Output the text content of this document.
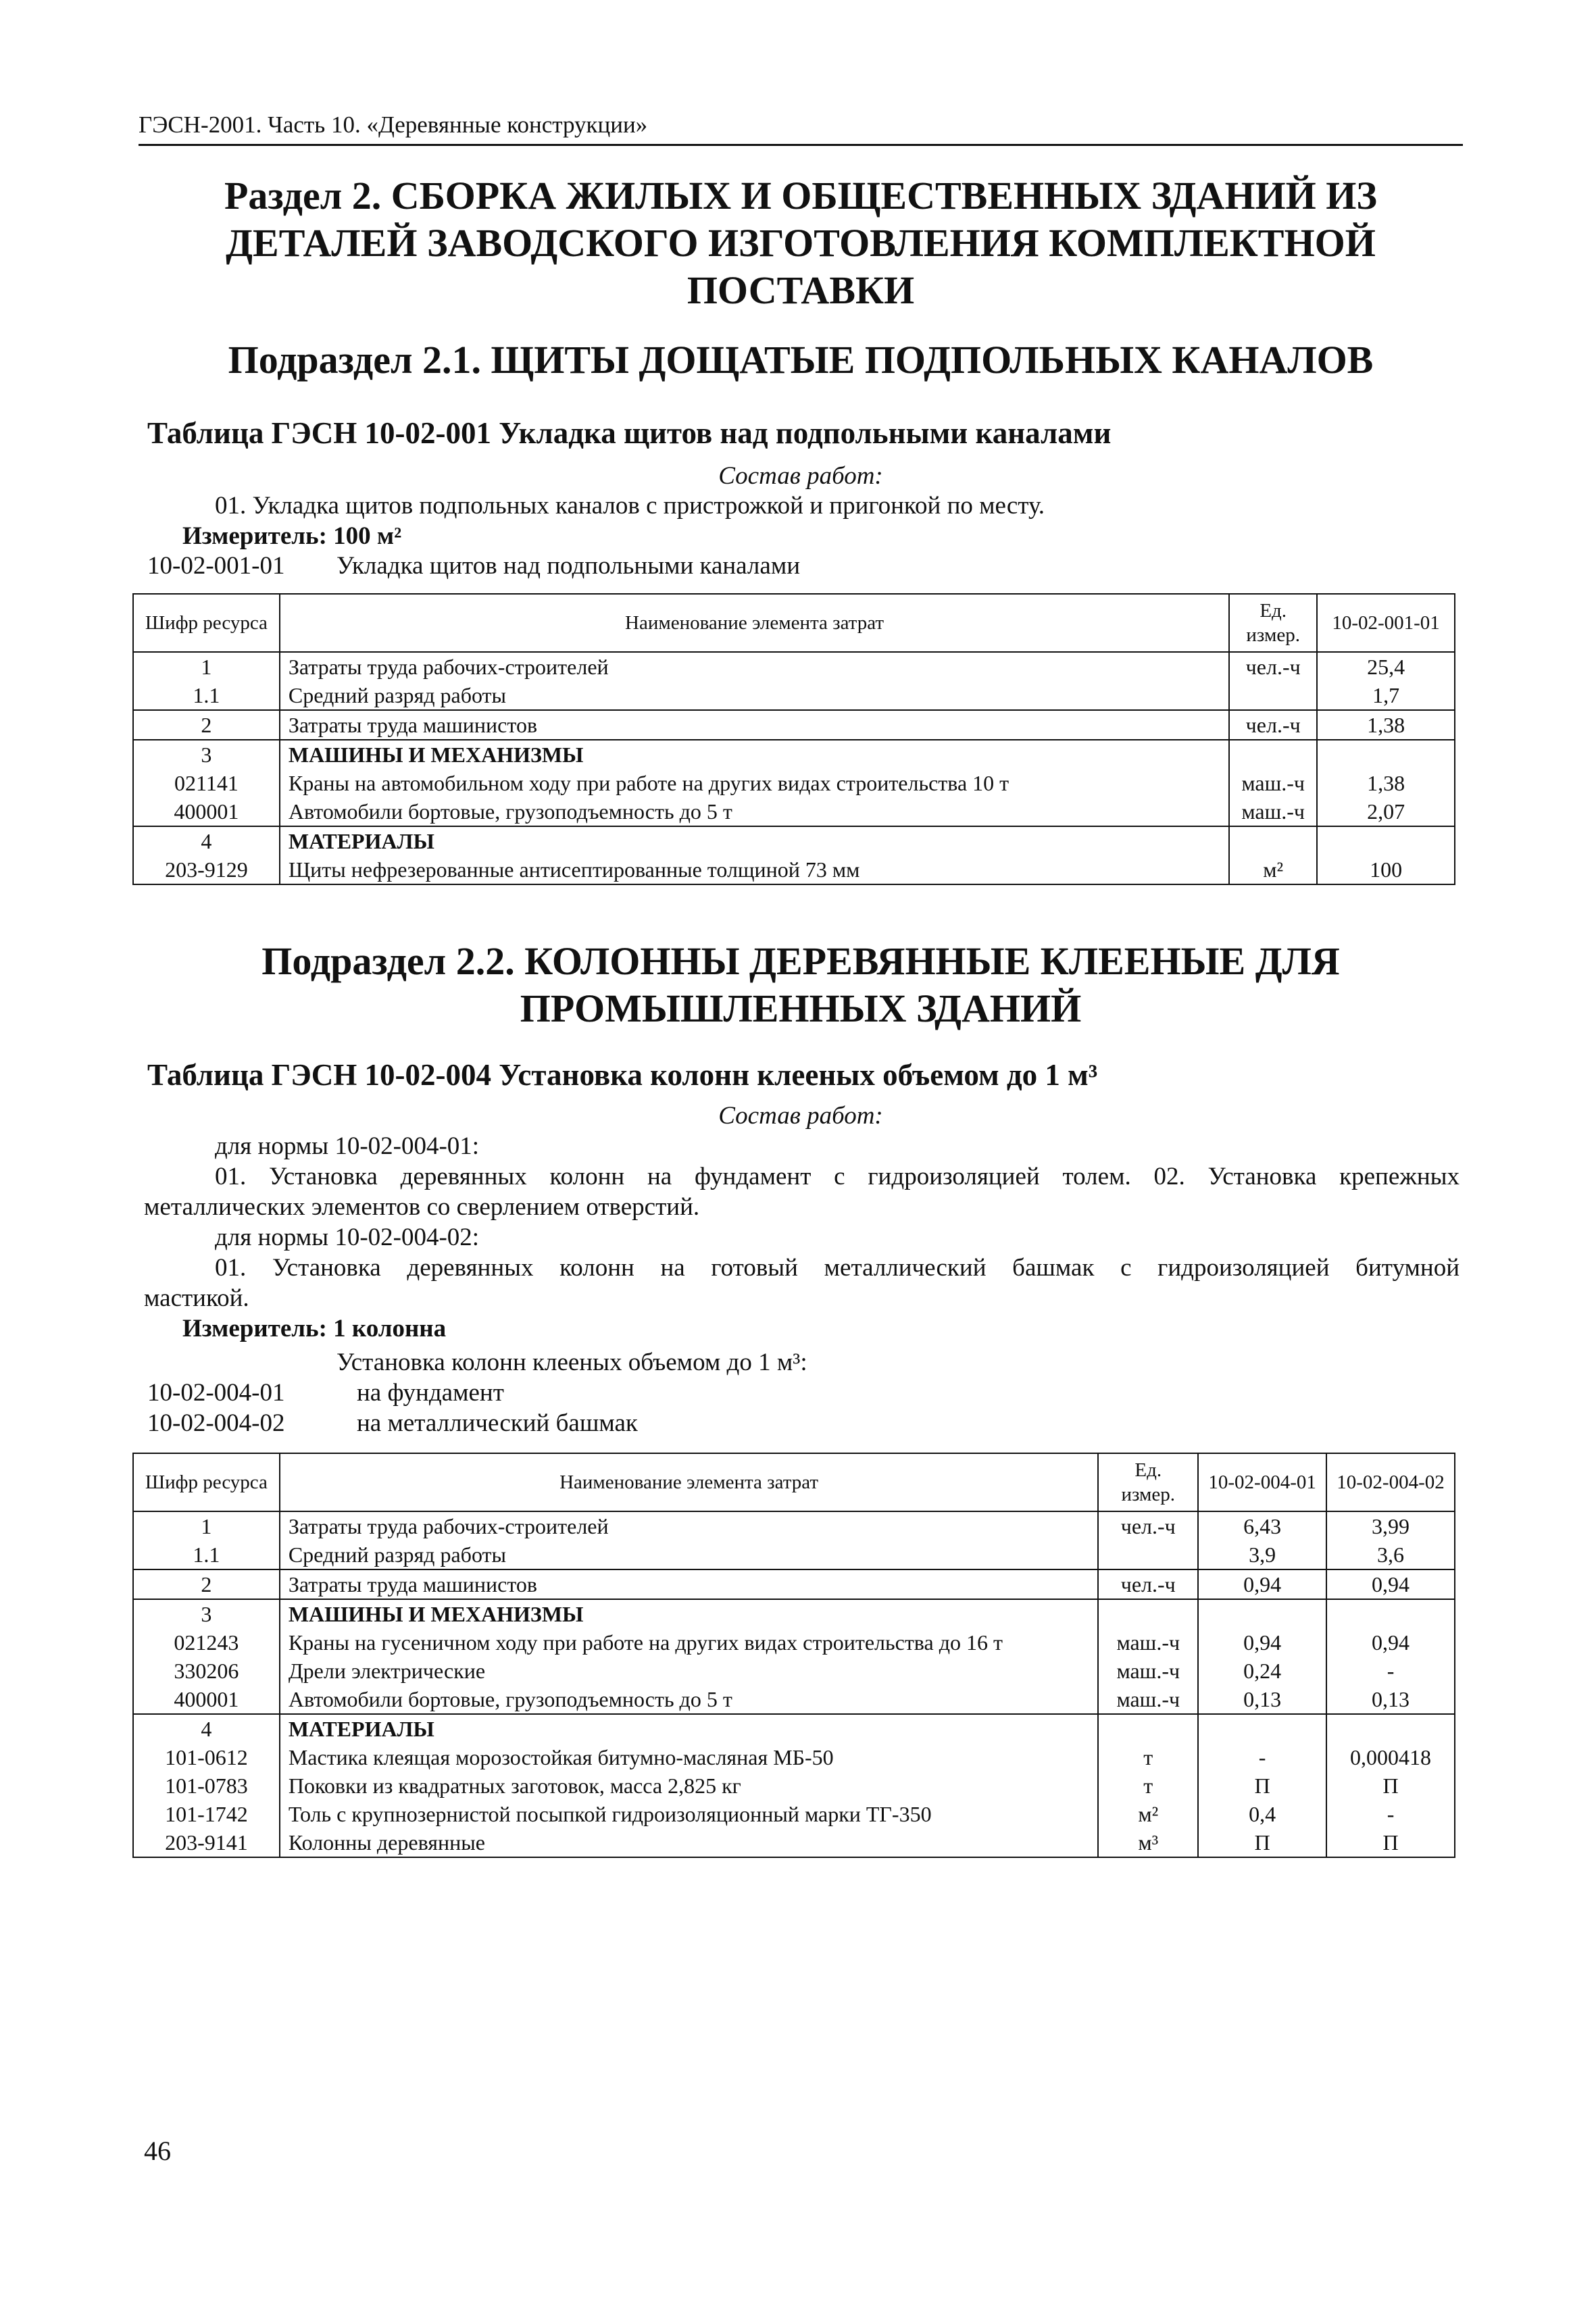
ГЭСН-2001. Часть 10. «Деревянные конструкции»
Раздел 2. СБОРКА ЖИЛЫХ И ОБЩЕСТВЕННЫХ ЗДАНИЙ ИЗ
ДЕТАЛЕЙ ЗАВОДСКОГО ИЗГОТОВЛЕНИЯ КОМПЛЕКТНОЙ
ПОСТАВКИ
Подраздел 2.1. ЩИТЫ ДОЩАТЫЕ ПОДПОЛЬНЫХ КАНАЛОВ
Таблица ГЭСН 10-02-001 Укладка щитов над подпольными каналами
Состав работ:
01. Укладка щитов подпольных каналов с пристрожкой и пригонкой по месту.
Измеритель: 100 м²
10-02-001-01 Укладка щитов над подпольными каналами
Шифр ресурса	Наименование элемента затрат	Ед. измер.	10-02-001-01
1	Затраты труда рабочих-строителей	чел.-ч	25,4
1.1	Средний разряд работы		1,7
2	Затраты труда машинистов	чел.-ч	1,38
3	МАШИНЫ И МЕХАНИЗМЫ		
021141	Краны на автомобильном ходу при работе на других видах строительства 10 т	маш.-ч	1,38
400001	Автомобили бортовые, грузоподъемность до 5 т	маш.-ч	2,07
4	МАТЕРИАЛЫ		
203-9129	Щиты нефрезерованные антисептированные толщиной 73 мм	м²	100
Подраздел 2.2. КОЛОННЫ ДЕРЕВЯННЫЕ КЛЕЕНЫЕ ДЛЯ
ПРОМЫШЛЕННЫХ ЗДАНИЙ
Таблица ГЭСН 10-02-004 Установка колонн клееных объемом до 1 м³
Состав работ:
для нормы 10-02-004-01:
01. Установка деревянных колонн на фундамент с гидроизоляцией толем. 02. Установка крепежных
металлических элементов со сверлением отверстий.
для нормы 10-02-004-02:
01. Установка деревянных колонн на готовый металлический башмак с гидроизоляцией битумной
мастикой.
Измеритель: 1 колонна
Установка колонн клееных объемом до 1 м³:
10-02-004-01	на фундамент
10-02-004-02	на металлический башмак
Шифр ресурса	Наименование элемента затрат	Ед. измер.	10-02-004-01	10-02-004-02
1	Затраты труда рабочих-строителей	чел.-ч	6,43	3,99
1.1	Средний разряд работы		3,9	3,6
2	Затраты труда машинистов	чел.-ч	0,94	0,94
3	МАШИНЫ И МЕХАНИЗМЫ			
021243	Краны на гусеничном ходу при работе на других видах строительства до 16 т	маш.-ч	0,94	0,94
330206	Дрели электрические	маш.-ч	0,24	-
400001	Автомобили бортовые, грузоподъемность до 5 т	маш.-ч	0,13	0,13
4	МАТЕРИАЛЫ			
101-0612	Мастика клеящая морозостойкая битумно-масляная МБ-50	т	-	0,000418
101-0783	Поковки из квадратных заготовок, масса 2,825 кг	т	П	П
101-1742	Толь с крупнозернистой посыпкой гидроизоляционный марки ТГ-350	м²	0,4	-
203-9141	Колонны деревянные	м³	П	П
46
